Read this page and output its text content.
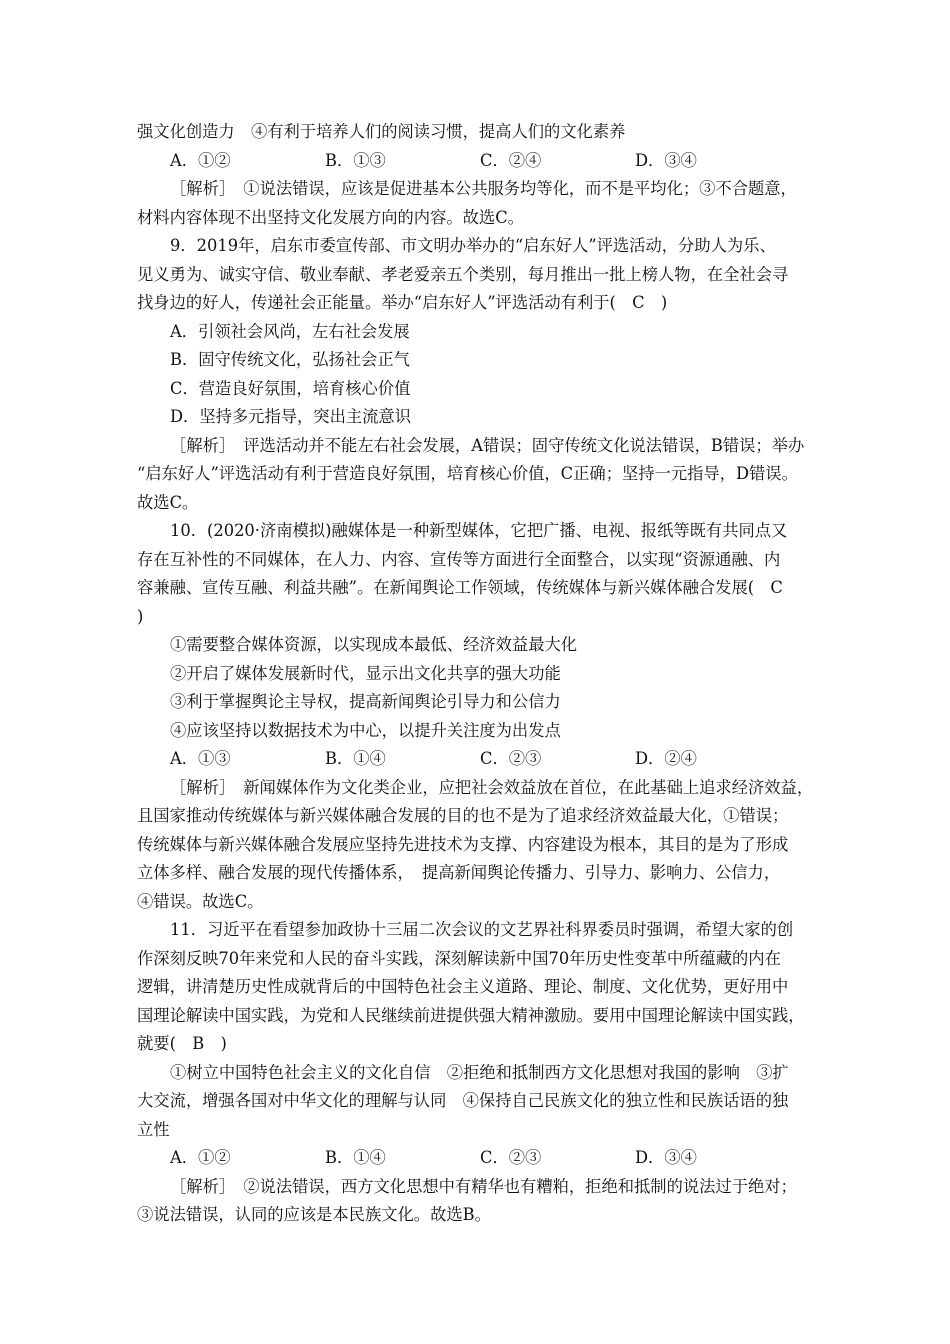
强文化创造力　④有利于培养人们的阅读习惯，提高人们的文化素养
A．①②	B．①③	C．②④	D．③④
［解析］　①说法错误，应该是促进基本公共服务均等化，而不是平均化；③不合题意，
材料内容体现不出坚持文化发展方向的内容。故选C。
9．2019年，启东市委宣传部、市文明办举办的“启东好人”评选活动，分助人为乐、
见义勇为、诚实守信、敬业奉献、孝老爱亲五个类别，每月推出一批上榜人物，在全社会寻
找身边的好人，传递社会正能量。举办“启东好人”评选活动有利于(　C　)
A．引领社会风尚，左右社会发展
B．固守传统文化，弘扬社会正气
C．营造良好氛围，培育核心价值
D．坚持多元指导，突出主流意识
［解析］　评选活动并不能左右社会发展，A错误；固守传统文化说法错误，B错误；举办
“启东好人”评选活动有利于营造良好氛围，培育核心价值，C正确；坚持一元指导，D错误。
故选C。
10．(2020·济南模拟)融媒体是一种新型媒体，它把广播、电视、报纸等既有共同点又
存在互补性的不同媒体，在人力、内容、宣传等方面进行全面整合，以实现“资源通融、内
容兼融、宣传互融、利益共融”。在新闻舆论工作领域，传统媒体与新兴媒体融合发展(　C
)
①需要整合媒体资源，以实现成本最低、经济效益最大化
②开启了媒体发展新时代，显示出文化共享的强大功能
③利于掌握舆论主导权，提高新闻舆论引导力和公信力
④应该坚持以数据技术为中心，以提升关注度为出发点
A．①③	B．①④	C．②③	D．②④
［解析］　新闻媒体作为文化类企业，应把社会效益放在首位，在此基础上追求经济效益，
且国家推动传统媒体与新兴媒体融合发展的目的也不是为了追求经济效益最大化，①错误；
传统媒体与新兴媒体融合发展应坚持先进技术为支撑、内容建设为根本，其目的是为了形成
立体多样、融合发展的现代传播体系，　提高新闻舆论传播力、引导力、影响力、公信力，
④错误。故选C。
11．习近平在看望参加政协十三届二次会议的文艺界社科界委员时强调，希望大家的创
作深刻反映70年来党和人民的奋斗实践，深刻解读新中国70年历史性变革中所蕴藏的内在
逻辑，讲清楚历史性成就背后的中国特色社会主义道路、理论、制度、文化优势，更好用中
国理论解读中国实践，为党和人民继续前进提供强大精神激励。要用中国理论解读中国实践，
就要(　B　)
①树立中国特色社会主义的文化自信　②拒绝和抵制西方文化思想对我国的影响　③扩
大交流，增强各国对中华文化的理解与认同　④保持自己民族文化的独立性和民族话语的独
立性
A．①②	B．①④	C．②③	D．③④
［解析］　②说法错误，西方文化思想中有精华也有糟粕，拒绝和抵制的说法过于绝对；
③说法错误，认同的应该是本民族文化。故选B。
